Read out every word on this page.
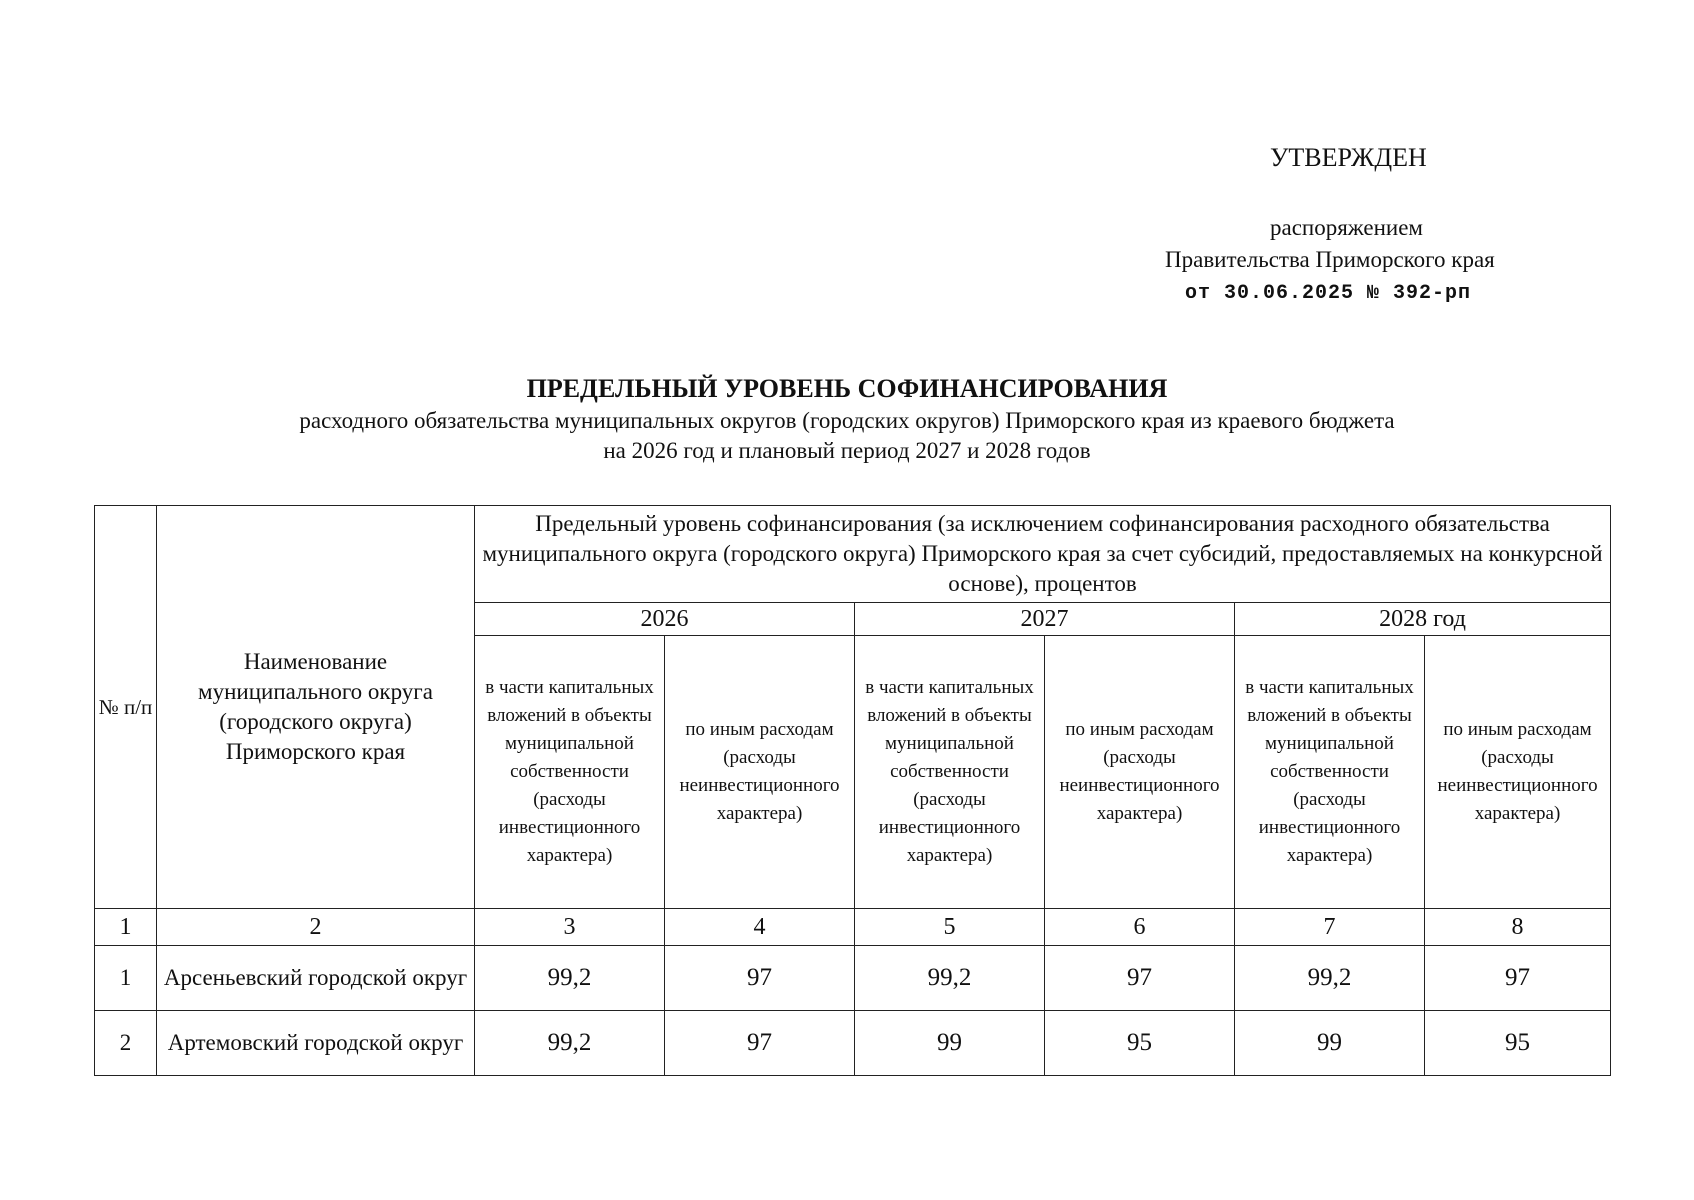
УТВЕРЖДЕН
распоряжением
Правительства Приморского края
от 30.06.2025 № 392-рп
ПРЕДЕЛЬНЫЙ УРОВЕНЬ СОФИНАНСИРОВАНИЯ
расходного обязательства муниципальных округов (городских округов) Приморского края из краевого бюджета
на 2026 год и плановый период 2027 и 2028 годов
№ п/п	Наименование муниципального округа (городского округа) Приморского края	Предельный уровень софинансирования (за исключением софинансирования расходного обязательства муниципального округа (городского округа) Приморского края за счет субсидий, предоставляемых на конкурсной основе), процентов					
		2026		2027		2028 год	
		в части капитальных вложений в объекты муниципальной собственности (расходы инвестиционного характера)	по иным расходам (расходы неинвестиционного характера)	в части капитальных вложений в объекты муниципальной собственности (расходы инвестиционного характера)	по иным расходам (расходы неинвестиционного характера)	в части капитальных вложений в объекты муниципальной собственности (расходы инвестиционного характера)	по иным расходам (расходы неинвестиционного характера)
1	2	3	4	5	6	7	8
1	Арсеньевский городской округ	99,2	97	99,2	97	99,2	97
2	Артемовский городской округ	99,2	97	99	95	99	95
